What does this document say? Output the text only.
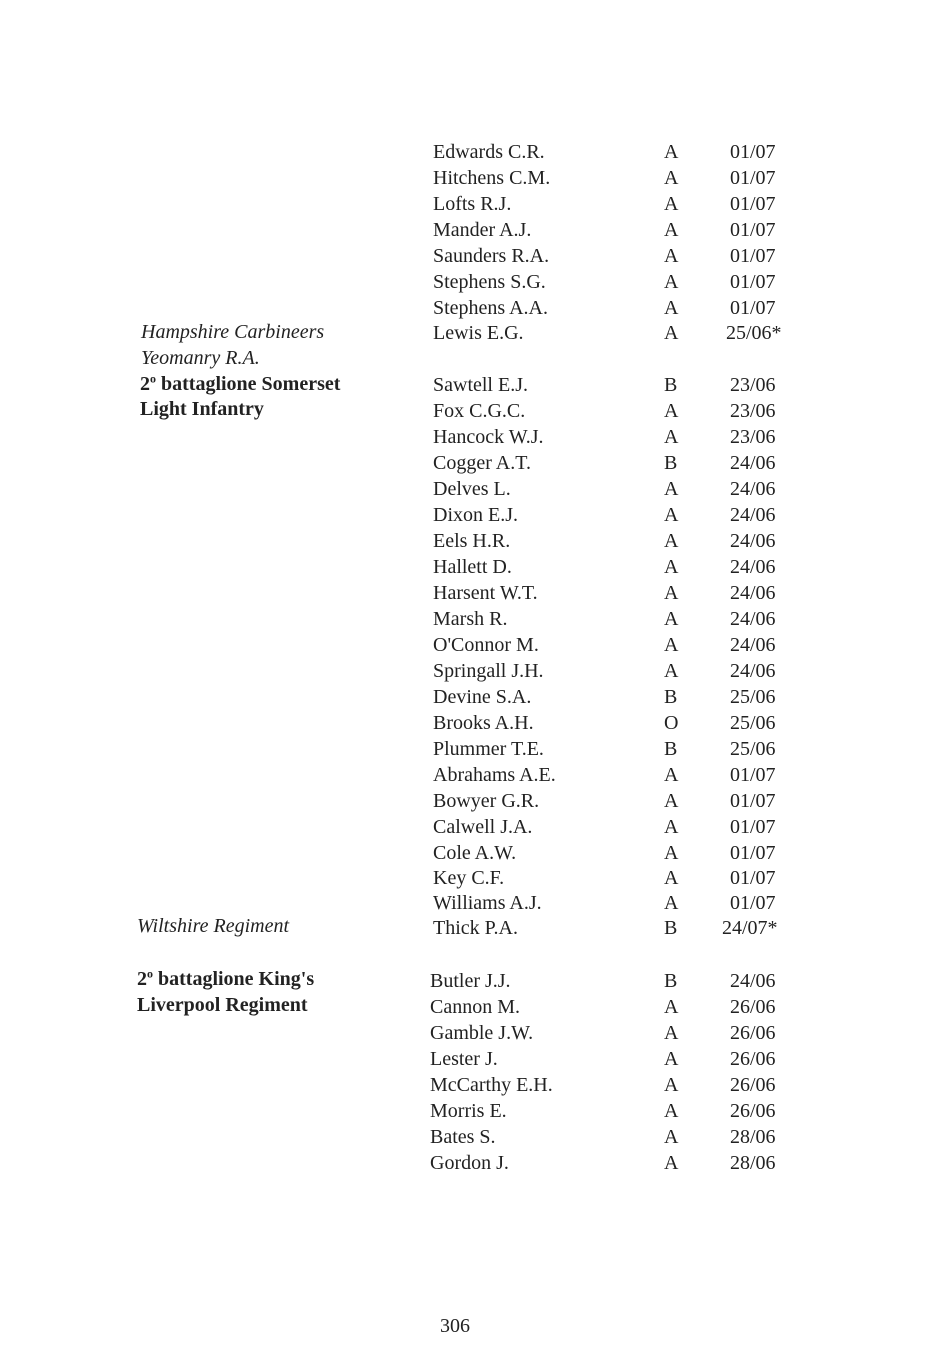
Edwards C.R.	A	01/07
Hitchens C.M.	A	01/07
Lofts R.J.	A	01/07
Mander A.J.	A	01/07
Saunders R.A.	A	01/07
Stephens S.G.	A	01/07
Stephens A.A.	A	01/07
Hampshire Carbineers
Yeomanry R.A.
Lewis E.G.	A 25/06*
2$^o$ battaglione Somerset
Light Infantry
Sawtell E.J.	B	23/06
Fox C.G.C.	A	23/06
Hancock W.J.	A	23/06
Cogger A.T.	B	24/06
Delves L.	A	24/06
Dixon E.J.	A	24/06
Eels H.R.	A	24/06
Hallett D.	A	24/06
Harsent W.T.	A	24/06
Marsh R.	A	24/06
O'Connor M.	A	24/06
Springall J.H.	A	24/06
Devine S.A.	B	25/06
Brooks A.H.	O	25/06
Plummer T.E.	B	25/06
Abrahams A.E.	A	01/07
Bowyer G.R.	A	01/07
Calwell J.A.	A	01/07
Cole A.W.	A	01/07
Key C.F.	A	01/07
Williams A.J.	A	01/07
Wiltshire Regiment	Thick P.A.	B 24/07*
2$^o$ battaglione King's
Liverpool Regiment
Butler J.J.	B	24/06
Cannon M.	A	26/06
Gamble J.W.	A	26/06
Lester J.	A	26/06
McCarthy E.H.	A	26/06
Morris E.	A	26/06
Bates S.	A	28/06
Gordon J.	A	28/06
306
